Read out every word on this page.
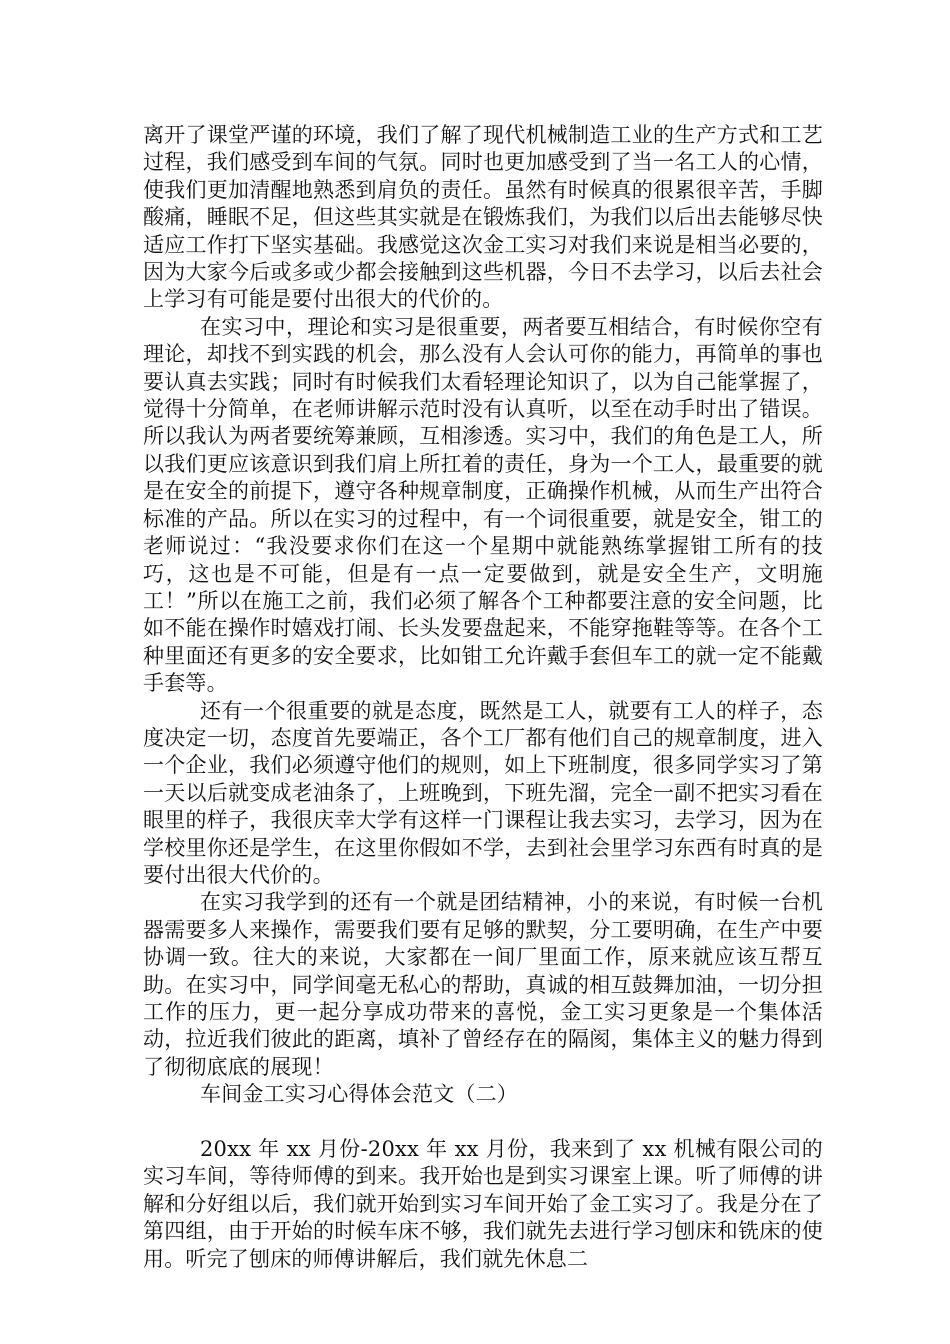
离开了课堂严谨的环境，我们了解了现代机械制造工业的生产方式和工艺过程，我们感受到车间的气氛。同时也更加感受到了当一名工人的心情，使我们更加清醒地熟悉到肩负的责任。虽然有时候真的很累很辛苦，手脚酸痛，睡眠不足，但这些其实就是在锻炼我们，为我们以后出去能够尽快适应工作打下坚实基础。我感觉这次金工实习对我们来说是相当必要的，因为大家今后或多或少都会接触到这些机器，今日不去学习，以后去社会上学习有可能是要付出很大的代价的。

在实习中，理论和实习是很重要，两者要互相结合，有时候你空有理论，却找不到实践的机会，那么没有人会认可你的能力，再简单的事也要认真去实践；同时有时候我们太看轻理论知识了，以为自己能掌握了，觉得十分简单，在老师讲解示范时没有认真听，以至在动手时出了错误。所以我认为两者要统筹兼顾，互相渗透。实习中，我们的角色是工人，所以我们更应该意识到我们肩上所扛着的责任，身为一个工人，最重要的就是在安全的前提下，遵守各种规章制度，正确操作机械，从而生产出符合标准的产品。所以在实习的过程中，有一个词很重要，就是安全，钳工的老师说过：“我没要求你们在这一个星期中就能熟练掌握钳工所有的技巧，这也是不可能，但是有一点一定要做到，就是安全生产，文明施工！”所以在施工之前，我们必须了解各个工种都要注意的安全问题，比如不能在操作时嬉戏打闹、长头发要盘起来，不能穿拖鞋等等。在各个工种里面还有更多的安全要求，比如钳工允许戴手套但车工的就一定不能戴手套等。

还有一个很重要的就是态度，既然是工人，就要有工人的样子，态度决定一切，态度首先要端正，各个工厂都有他们自己的规章制度，进入一个企业，我们必须遵守他们的规则，如上下班制度，很多同学实习了第一天以后就变成老油条了，上班晚到，下班先溜，完全一副不把实习看在眼里的样子，我很庆幸大学有这样一门课程让我去实习，去学习，因为在学校里你还是学生，在这里你假如不学，去到社会里学习东西有时真的是要付出很大代价的。

在实习我学到的还有一个就是团结精神，小的来说，有时候一台机器需要多人来操作，需要我们要有足够的默契，分工要明确，在生产中要协调一致。往大的来说，大家都在一间厂里面工作，原来就应该互帮互助。在实习中，同学间毫无私心的帮助，真诚的相互鼓舞加油，一切分担工作的压力，更一起分享成功带来的喜悦，金工实习更象是一个集体活动，拉近我们彼此的距离，填补了曾经存在的隔阂，集体主义的魅力得到了彻彻底底的展现！

车间金工实习心得体会范文（二）

20xx 年 xx 月份-20xx 年 xx 月份，我来到了 xx 机械有限公司的实习车间，等待师傅的到来。我开始也是到实习课室上课。听了师傅的讲解和分好组以后，我们就开始到实习车间开始了金工实习了。我是分在了第四组，由于开始的时候车床不够，我们就先去进行学习刨床和铣床的使用。听完了刨床的师傅讲解后，我们就先休息二
